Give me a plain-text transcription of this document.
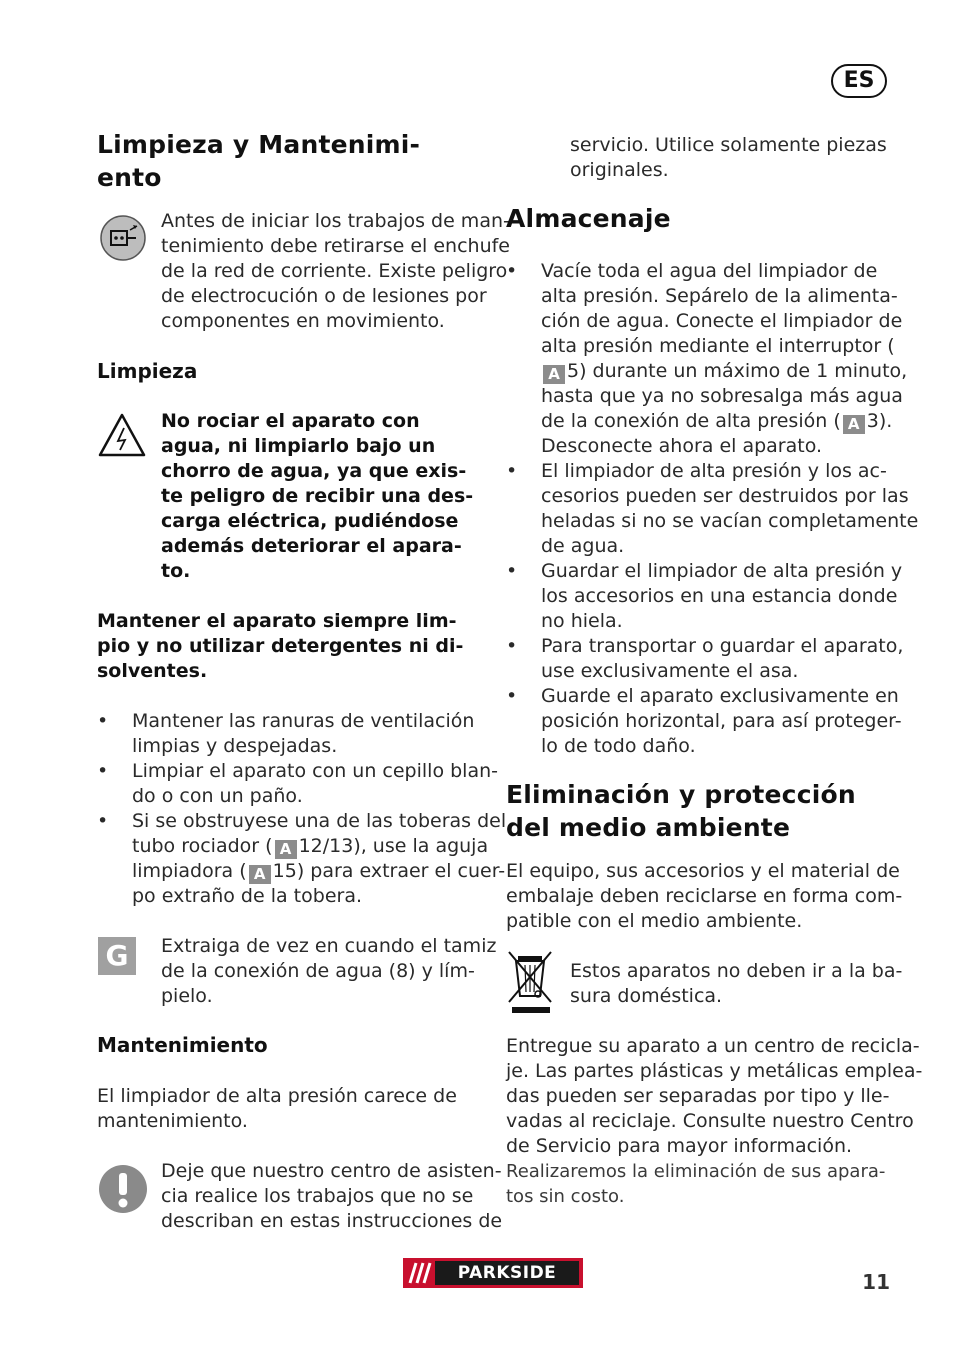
ES
Limpieza y Mantenimi-
ento
Antes de iniciar los trabajos de man-
tenimiento debe retirarse el enchufe
de la red de corriente. Existe peligro
de electrocución o de lesiones por
componentes en movimiento.
Limpieza
No rociar el aparato con
agua, ni limpiarlo bajo un
chorro de agua, ya que exis-
te peligro de recibir una des-
carga eléctrica, pudiéndose
además deteriorar el apara-
to.
Mantener el aparato siempre lim-
pio y no utilizar detergentes ni di-
solventes.
• Mantener las ranuras de ventilación
limpias y despejadas.
• Limpiar el aparato con un cepillo blan-
do o con un paño.
• Si se obstruyese una de las toberas del
tubo rociador ( A 12/13), use la aguja
limpiadora ( A 15) para extraer el cuer-
po extraño de la tobera.
G	Extraiga de vez en cuando el tamiz
de la conexión de agua (8) y lím-
pielo.
Mantenimiento
El limpiador de alta presión carece de
mantenimiento.
Deje que nuestro centro de asisten-
cia realice los trabajos que no se
describan en estas instrucciones de
servicio. Utilice solamente piezas
originales.
Almacenaje
• Vacíe toda el agua del limpiador de
alta presión. Sepárelo de la alimenta-
ción de agua. Conecte el limpiador de
alta presión mediante el interruptor (
A 5) durante un máximo de 1 minuto,
hasta que ya no sobresalga más agua
de la conexión de alta presión ( A 3).
Desconecte ahora el aparato.
• El limpiador de alta presión y los ac-
cesorios pueden ser destruidos por las
heladas si no se vacían completamente
de agua.
• Guardar el limpiador de alta presión y
los accesorios en una estancia donde
no hiela.
• Para transportar o guardar el aparato,
use exclusivamente el asa.
• Guarde el aparato exclusivamente en
posición horizontal, para así proteger-
lo de todo daño.
Eliminación y protección
del medio ambiente
El equipo, sus accesorios y el material de
embalaje deben reciclarse en forma com-
patible con el medio ambiente.
Estos aparatos no deben ir a la ba-
sura doméstica.
Entregue su aparato a un centro de recicla-
je. Las partes plásticas y metálicas emplea-
das pueden ser separadas por tipo y lle-
vadas al reciclaje. Consulte nuestro Centro
de Servicio para mayor información.
Realizaremos la eliminación de sus apara-
tos sin costo.
PARKSIDE	11
